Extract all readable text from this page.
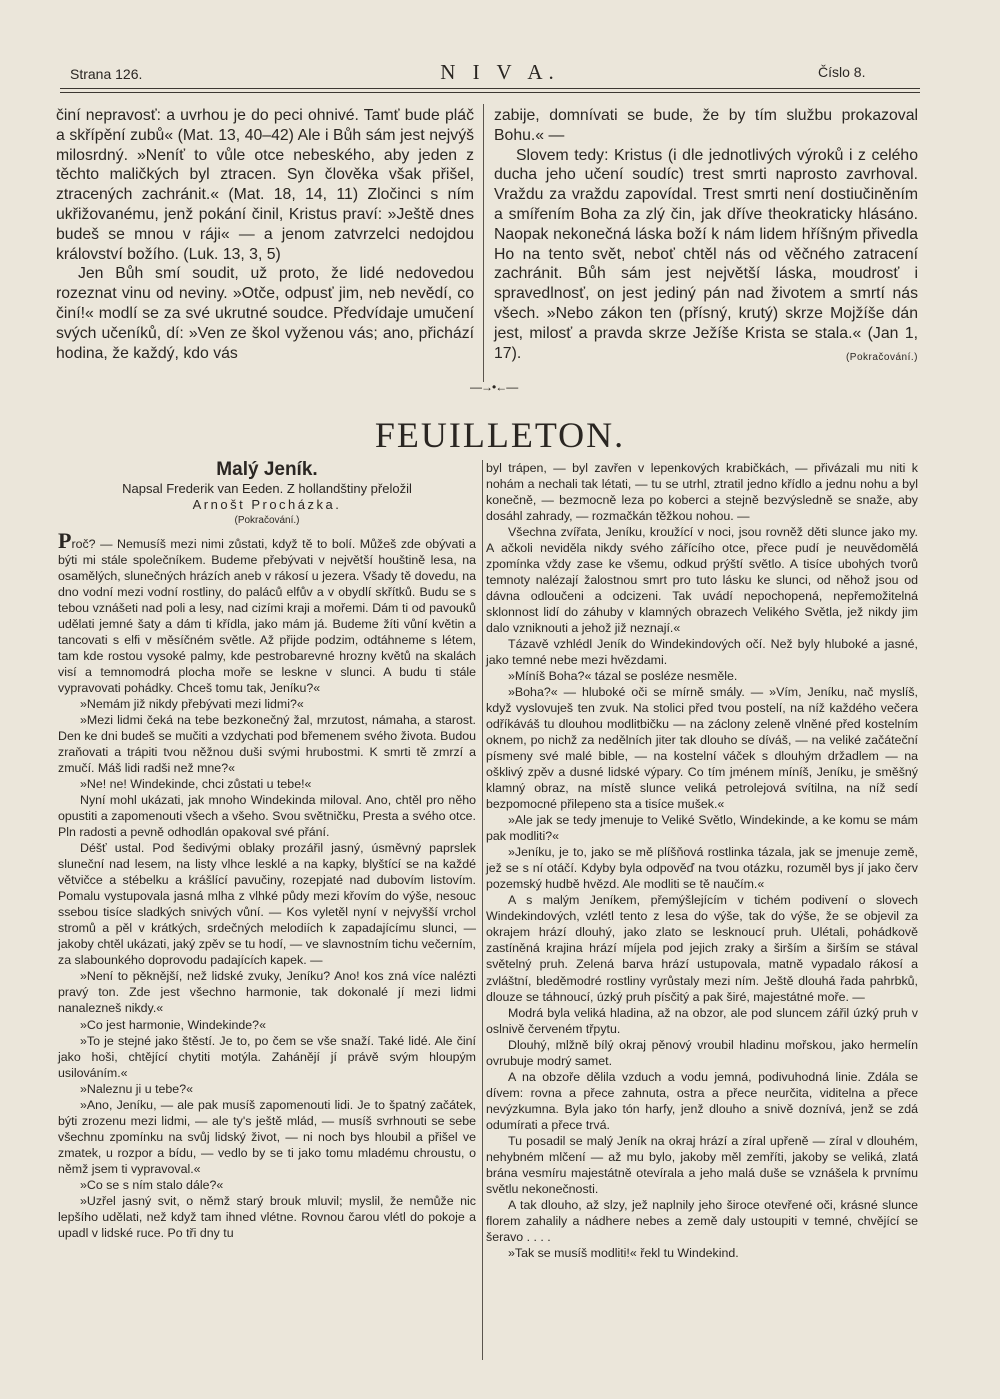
Strana 126.	N I V A.	Číslo 8.

činí nepravosť: a uvrhou je do peci ohnivé. Tamť bude pláč a skřípění zubů« (Mat. 13, 40–42) Ale i Bůh sám jest nejvýš milosrdný. »Neníť to vůle otce nebeského, aby jeden z těchto maličkých byl ztracen. Syn člověka však přišel, ztracených zachránit.« (Mat. 18, 14, 11) Zločinci s ním ukřižovanému, jenž pokání činil, Kristus praví: »Ještě dnes budeš se mnou v ráji« — a jenom zatvrzelci nedojdou království božího. (Luk. 13, 3, 5)

Jen Bůh smí soudit, už proto, že lidé nedovedou rozeznat vinu od neviny. »Otče, odpusť jim, neb nevědí, co činí!« modlí se za své ukrutné soudce. Předvídaje umučení svých učeníků, dí: »Ven ze škol vyženou vás; ano, přichází hodina, že každý, kdo vás

zabije, domnívati se bude, že by tím službu prokazoval Bohu.« —

Slovem tedy: Kristus (i dle jednotlivých výroků i z celého ducha jeho učení soudíc) trest smrti naprosto zavrhoval. Vraždu za vraždu zapovídal. Trest smrti není dostiučiněním a smířením Boha za zlý čin, jak dříve theokraticky hlásáno. Naopak nekonečná láska boží k nám lidem hříšným přivedla Ho na tento svět, neboť chtěl nás od věčného zatracení zachránit. Bůh sám jest největší láska, moudrosť i spravedlnosť, on jest jediný pán nad životem a smrtí nás všech. »Nebo zákon ten (přísný, krutý) skrze Mojžíše dán jest, milosť a pravda skrze Ježíše Krista se stala.« (Jan 1, 17).	(Pokračování.)

—→•←—
FEUILLETON.

Malý Jeník.

Napsal Frederik van Eeden. Z hollandštiny přeložil

Arnošt Procházka.

(Pokračování.)

Proč? — Nemusíš mezi nimi zůstati, když tě to bolí. Můžeš zde obývati a býti mi stále společníkem. Budeme přebývati v největší houštině lesa, na osamělých, slunečných hrázích aneb v rákosí u jezera. Všady tě dovedu, na dno vodní mezi vodní rostliny, do paláců elfův a v obydlí skřítků. Budu se s tebou vznášeti nad poli a lesy, nad cizími kraji a mořemi. Dám ti od pavouků udělati jemné šaty a dám ti křídla, jako mám já. Budeme žíti vůní květin a tancovati s elfi v měsíčném světle. Až přijde podzim, odtáhneme s létem, tam kde rostou vysoké palmy, kde pestrobarevné hrozny květů na skalách visí a temnomodrá plocha moře se leskne v slunci. A budu ti stále vypravovati pohádky. Chceš tomu tak, Jeníku?«

»Nemám již nikdy přebývati mezi lidmi?«

»Mezi lidmi čeká na tebe bezkonečný žal, mrzutost, námaha, a starost. Den ke dni budeš se mučiti a vzdychati pod břemenem svého života. Budou zraňovati a trápiti tvou něžnou duši svými hrubostmi. K smrti tě zmrzí a zmučí. Máš lidi radši než mne?«

»Ne! ne! Windekinde, chci zůstati u tebe!«

Nyní mohl ukázati, jak mnoho Windekinda miloval. Ano, chtěl pro něho opustiti a zapomenouti všech a všeho. Svou světničku, Presta a svého otce. Pln radosti a pevně odhodlán opakoval své přání.

Déšť ustal. Pod šedivými oblaky prozářil jasný, úsměvný paprslek sluneční nad lesem, na listy vlhce lesklé a na kapky, blyštící se na každé větvičce a stébelku a krášlící pavučiny, rozepjaté nad dubovím listovím. Pomalu vystupovala jasná mlha z vlhké půdy mezi křovím do výše, nesouc ssebou tisíce sladkých snivých vůní. — Kos vyletěl nyní v nejvyšší vrchol stromů a pěl v krátkých, srdečných melodiích k zapadajícímu slunci, — jakoby chtěl ukázati, jaký zpěv se tu hodí, — ve slavnostním tichu večerním, za slabounkého doprovodu padajících kapek. —

»Není to pěknější, než lidské zvuky, Jeníku? Ano! kos zná více nalézti pravý ton. Zde jest všechno harmonie, tak dokonalé jí mezi lidmi nanalezneš nikdy.«

»Co jest harmonie, Windekinde?«

»To je stejné jako štěstí. Je to, po čem se vše snaží. Také lidé. Ale činí jako hoši, chtějící chytiti motýla. Zahánějí jí právě svým hloupým usilováním.«

»Naleznu ji u tebe?«

»Ano, Jeníku, — ale pak musíš zapomenouti lidi. Je to špatný začátek, býti zrozenu mezi lidmi, — ale ty's ještě mlád, — musíš svrhnouti se sebe všechnu zpomínku na svůj lidský život, — ni noch bys hloubil a přišel ve zmatek, u rozpor a bídu, — vedlo by se ti jako tomu mladému chroustu, o němž jsem ti vypravoval.«

»Co se s ním stalo dále?«

»Uzřel jasný svit, o němž starý brouk mluvil; myslil, že nemůže nic lepšího udělati, než když tam ihned vlétne. Rovnou čarou vlétl do pokoje a upadl v lidské ruce. Po tři dny tu

byl trápen, — byl zavřen v lepenkových krabičkách, — přivázali mu niti k nohám a nechali tak létati, — tu se utrhl, ztratil jedno křídlo a jednu nohu a byl konečně, — bezmocně leza po koberci a stejně bezvýsledně se snaže, aby dosáhl zahrady, — rozmačkán těžkou nohou. —

Všechna zvířata, Jeníku, kroužící v noci, jsou rovněž děti slunce jako my. A ačkoli neviděla nikdy svého zářícího otce, přece pudí je neuvědomělá zpomínka vždy zase ke všemu, odkud prýští světlo. A tisíce ubohých tvorů temnoty nalézají žalostnou smrt pro tuto lásku ke slunci, od něhož jsou od dávna odloučeni a odcizeni. Tak uvádí nepochopená, nepřemožitelná sklonnost lidí do záhuby v klamných obrazech Velikého Světla, jež nikdy jim dalo vzniknouti a jehož již neznají.«

Tázavě vzhlédl Jeník do Windekindových očí. Než byly hluboké a jasné, jako temné nebe mezi hvězdami.

»Míníš Boha?« tázal se posléze nesměle.

»Boha?« — hluboké oči se mírně smály. — »Vím, Jeníku, nač myslíš, když vyslovuješ ten zvuk. Na stolici před tvou postelí, na níž každého večera odříkáváš tu dlouhou modlitbičku — na záclony zeleně vlněné před kostelním oknem, po nichž za nedělních jiter tak dlouho se díváš, — na veliké začáteční písmeny své malé bible, — na kostelní váček s dlouhým držadlem — na ošklivý zpěv a dusné lidské výpary. Co tím jménem míníš, Jeníku, je směšný klamný obraz, na místě slunce veliká petrolejová svítilna, na níž sedí bezpomocné přilepeno sta a tisíce mušek.«

»Ale jak se tedy jmenuje to Veliké Světlo, Windekinde, a ke komu se mám pak modliti?«

»Jeníku, je to, jako se mě plíšňová rostlinka tázala, jak se jmenuje země, jež se s ní otáčí. Kdyby byla odpověď na tvou otázku, rozuměl bys jí jako červ pozemský hudbě hvězd. Ale modliti se tě naučím.«

A s malým Jeníkem, přemýšlejícím v tichém podivení o slovech Windekindových, vzlétl tento z lesa do výše, tak do výše, že se objevil za okrajem hrází dlouhý, jako zlato se lesknoucí pruh. Ulétali, pohádkově zastíněná krajina hrází míjela pod jejich zraky a širším a širším se stával světelný pruh. Zelená barva hrází ustupovala, matně vypadalo rákosí a zvláštní, bleděmodré rostliny vyrůstaly mezi ním. Ještě dlouhá řada pahrbků, dlouze se táhnoucí, úzký pruh písčitý a pak širé, majestátné moře. —

Modrá byla veliká hladina, až na obzor, ale pod sluncem zářil úzký pruh v oslnivě červeném třpytu.

Dlouhý, mlžně bílý okraj pěnový vroubil hladinu mořskou, jako hermelín ovrubuje modrý samet.

A na obzoře dělila vzduch a vodu jemná, podivuhodná linie. Zdála se dívem: rovna a přece zahnuta, ostra a přece neurčita, viditelna a přece nevýzkumna. Byla jako tón harfy, jenž dlouho a snivě doznívá, jenž se zdá odumírati a přece trvá.

Tu posadil se malý Jeník na okraj hrází a zíral upřeně — zíral v dlouhém, nehybném mlčení — až mu bylo, jakoby měl zemříti, jakoby se veliká, zlatá brána vesmíru majestátně otevírala a jeho malá duše se vznášela k prvnímu světlu nekonečnosti.

A tak dlouho, až slzy, jež naplnily jeho široce otevřené oči, krásné slunce florem zahalily a nádhere nebes a země daly ustoupiti v temné, chvějící se šeravo . . . .

»Tak se musíš modliti!« řekl tu Windekind.
